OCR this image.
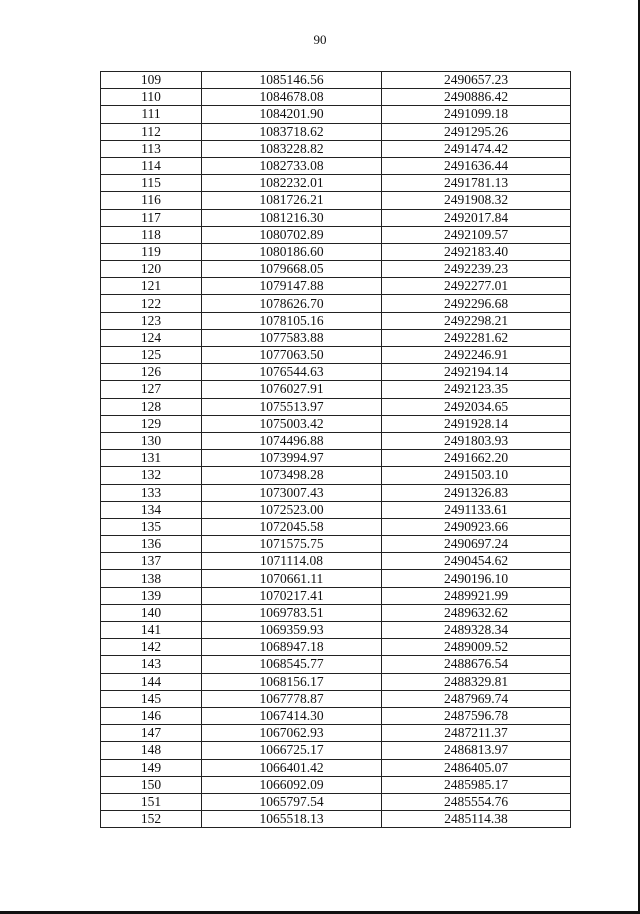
90
109	1085146.56	2490657.23
110	1084678.08	2490886.42
111	1084201.90	2491099.18
112	1083718.62	2491295.26
113	1083228.82	2491474.42
114	1082733.08	2491636.44
115	1082232.01	2491781.13
116	1081726.21	2491908.32
117	1081216.30	2492017.84
118	1080702.89	2492109.57
119	1080186.60	2492183.40
120	1079668.05	2492239.23
121	1079147.88	2492277.01
122	1078626.70	2492296.68
123	1078105.16	2492298.21
124	1077583.88	2492281.62
125	1077063.50	2492246.91
126	1076544.63	2492194.14
127	1076027.91	2492123.35
128	1075513.97	2492034.65
129	1075003.42	2491928.14
130	1074496.88	2491803.93
131	1073994.97	2491662.20
132	1073498.28	2491503.10
133	1073007.43	2491326.83
134	1072523.00	2491133.61
135	1072045.58	2490923.66
136	1071575.75	2490697.24
137	1071114.08	2490454.62
138	1070661.11	2490196.10
139	1070217.41	2489921.99
140	1069783.51	2489632.62
141	1069359.93	2489328.34
142	1068947.18	2489009.52
143	1068545.77	2488676.54
144	1068156.17	2488329.81
145	1067778.87	2487969.74
146	1067414.30	2487596.78
147	1067062.93	2487211.37
148	1066725.17	2486813.97
149	1066401.42	2486405.07
150	1066092.09	2485985.17
151	1065797.54	2485554.76
152	1065518.13	2485114.38
